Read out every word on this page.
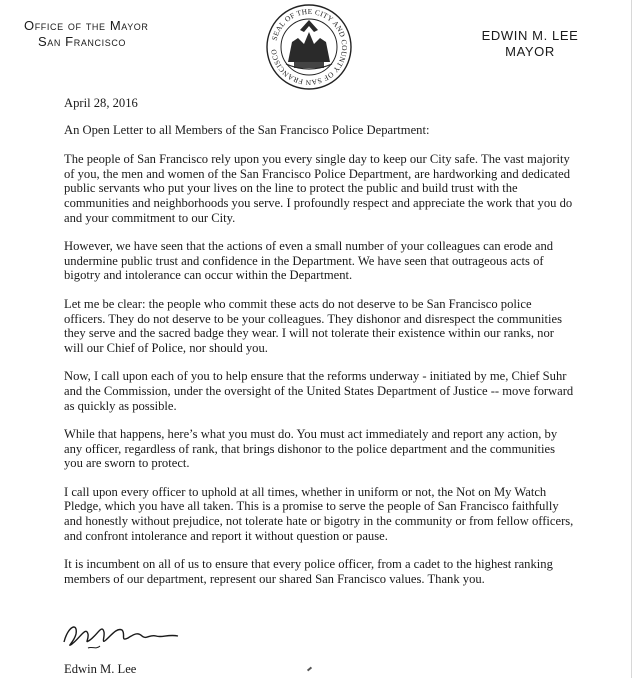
Office of the Mayor
San Francisco	SEAL OF THE CITY AND COUNTY OF SAN FRANCISCO
EDWIN M. LEE
MAYOR
April 28, 2016
An Open Letter to all Members of the San Francisco Police Department:

The people of San Francisco rely upon you every single day to keep our City safe. The vast majority of you, the men and women of the San Francisco Police Department, are hardworking and dedicated public servants who put your lives on the line to protect the public and build trust with the communities and neighborhoods you serve. I profoundly respect and appreciate the work that you do and your commitment to our City.

However, we have seen that the actions of even a small number of your colleagues can erode and undermine public trust and confidence in the Department. We have seen that outrageous acts of bigotry and intolerance can occur within the Department.

Let me be clear: the people who commit these acts do not deserve to be San Francisco police officers. They do not deserve to be your colleagues. They dishonor and disrespect the communities they serve and the sacred badge they wear. I will not tolerate their existence within our ranks, nor will our Chief of Police, nor should you.

Now, I call upon each of you to help ensure that the reforms underway - initiated by me, Chief Suhr and the Commission, under the oversight of the United States Department of Justice -- move forward as quickly as possible.

While that happens, here’s what you must do. You must act immediately and report any action, by any officer, regardless of rank, that brings dishonor to the police department and the communities you are sworn to protect.

I call upon every officer to uphold at all times, whether in uniform or not, the Not on My Watch Pledge, which you have all taken. This is a promise to serve the people of San Francisco faithfully and honestly without prejudice, not tolerate hate or bigotry in the community or from fellow officers, and confront intolerance and report it without question or pause.

It is incumbent on all of us to ensure that every police officer, from a cadet to the highest ranking members of our department, represent our shared San Francisco values. Thank you.

Edwin M. Lee
